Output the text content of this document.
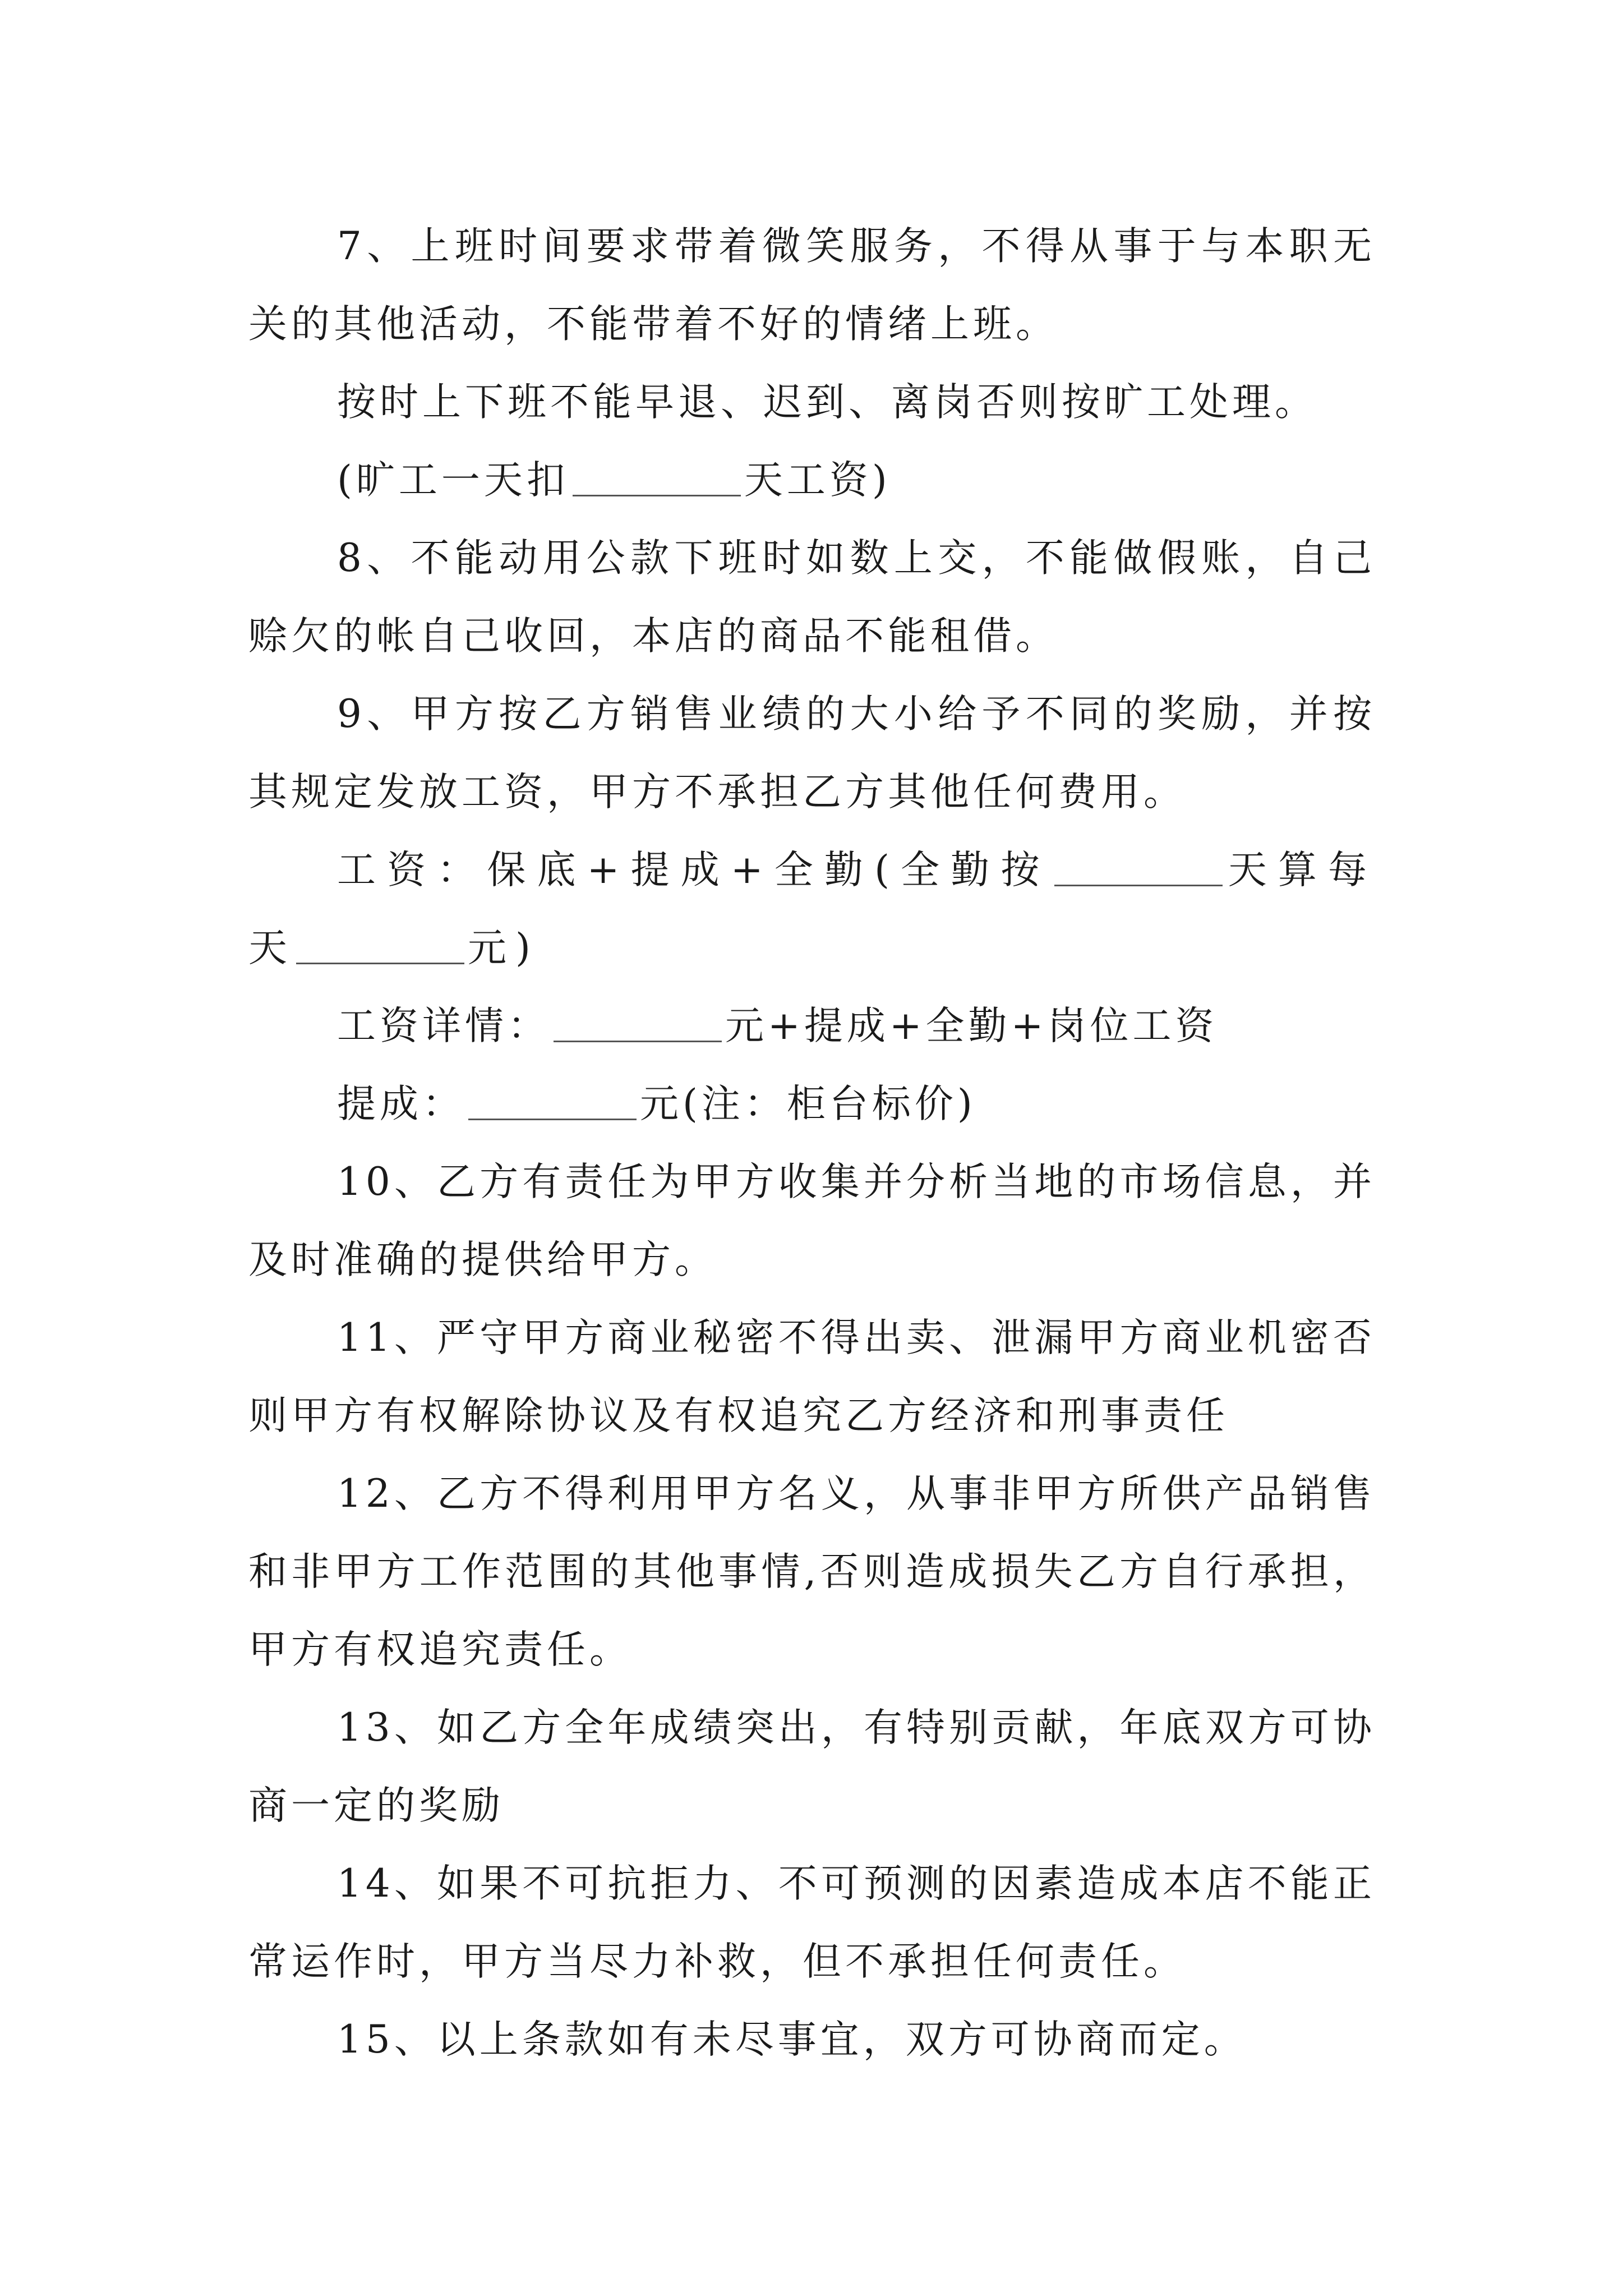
7、上班时间要求带着微笑服务，不得从事于与本职无关的其他活动，不能带着不好的情绪上班。

按时上下班不能早退、迟到、离岗否则按旷工处理。

(旷工一天扣	天工资)

8、不能动用公款下班时如数上交，不能做假账，自己赊欠的帐自己收回，本店的商品不能租借。

9、甲方按乙方销售业绩的大小给予不同的奖励，并按其规定发放工资，甲方不承担乙方其他任何费用。

工资：保底+提成+全勤(全勤按	天算每天	元)

工资详情：	元+提成+全勤+岗位工资

提成：	元(注：柜台标价)

10、乙方有责任为甲方收集并分析当地的市场信息，并及时准确的提供给甲方。

11、严守甲方商业秘密不得出卖、泄漏甲方商业机密否则甲方有权解除协议及有权追究乙方经济和刑事责任

12、乙方不得利用甲方名义，从事非甲方所供产品销售和非甲方工作范围的其他事情,否则造成损失乙方自行承担，甲方有权追究责任。

13、如乙方全年成绩突出，有特别贡献，年底双方可协商一定的奖励

14、如果不可抗拒力、不可预测的因素造成本店不能正常运作时，甲方当尽力补救，但不承担任何责任。

15、以上条款如有未尽事宜，双方可协商而定。
